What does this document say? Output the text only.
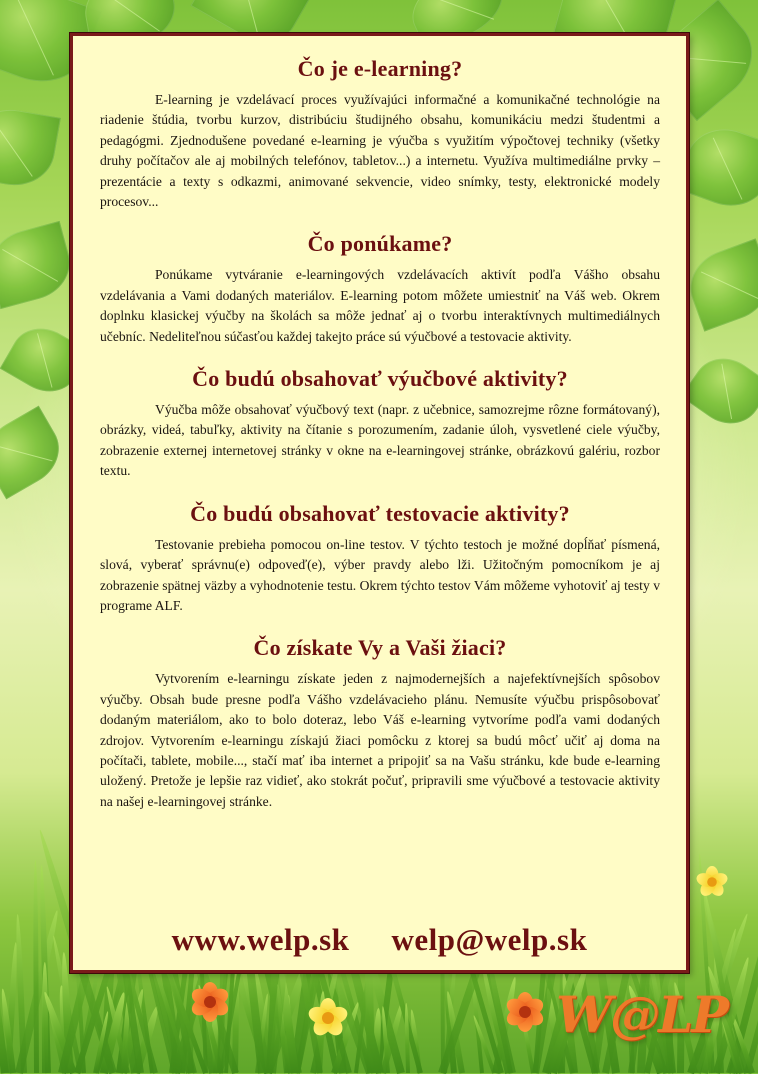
Čo je e-learning?

E-learning je vzdelávací proces využívajúci informačné a komunikačné technológie na riadenie štúdia, tvorbu kurzov, distribúciu študijného obsahu, komunikáciu medzi študentmi a pedagógmi. Zjednodušene povedané e-learning je výučba s využitím výpočtovej techniky (všetky druhy počítačov ale aj mobilných telefónov, tabletov...) a internetu. Využíva multimediálne prvky – prezentácie a texty s odkazmi, animované sekvencie, video snímky, testy, elektronické modely procesov...

Čo ponúkame?

Ponúkame vytváranie e-learningových vzdelávacích aktivít podľa Vášho obsahu vzdelávania a Vami dodaných materiálov. E-learning potom môžete umiestniť na Váš web. Okrem doplnku klasickej výučby na školách sa môže jednať aj o tvorbu interaktívnych multimediálnych učebníc. Nedeliteľnou súčasťou každej takejto práce sú výučbové a testovacie aktivity.

Čo budú obsahovať výučbové aktivity?

Výučba môže obsahovať výučbový text (napr. z učebnice, samozrejme rôzne formátovaný), obrázky, videá, tabuľky, aktivity na čítanie s porozumením, zadanie úloh, vysvetlené ciele výučby, zobrazenie externej internetovej stránky v okne na e-learningovej stránke, obrázkovú galériu, rozbor textu.

Čo budú obsahovať testovacie aktivity?

Testovanie prebieha pomocou on-line testov. V týchto testoch je možné dopĺňať písmená, slová, vyberať správnu(e) odpoveď(e), výber pravdy alebo lži. Užitočným pomocníkom je aj zobrazenie spätnej väzby a vyhodnotenie testu. Okrem týchto testov Vám môžeme vyhotoviť aj testy v programe ALF.

Čo získate Vy a Vaši žiaci?

Vytvorením e-learningu získate jeden z najmodernejších a najefektívnejších spôsobov výučby. Obsah bude presne podľa Vášho vzdelávacieho plánu. Nemusíte výučbu prispôsobovať dodaným materiálom, ako to bolo doteraz, lebo Váš e-learning vytvoríme podľa vami dodaných zdrojov. Vytvorením e-learningu získajú žiaci pomôcku z ktorej sa budú môcť učiť aj doma na počítači, tablete, mobile..., stačí mať iba internet a pripojiť sa na Vašu stránku, kde bude e-learning uložený. Pretože je lepšie raz vidieť, ako stokrát počuť, pripravili sme výučbové a testovacie aktivity na našej e-learningovej stránke.

www.welp.sk welp@welp.sk
W@LP
